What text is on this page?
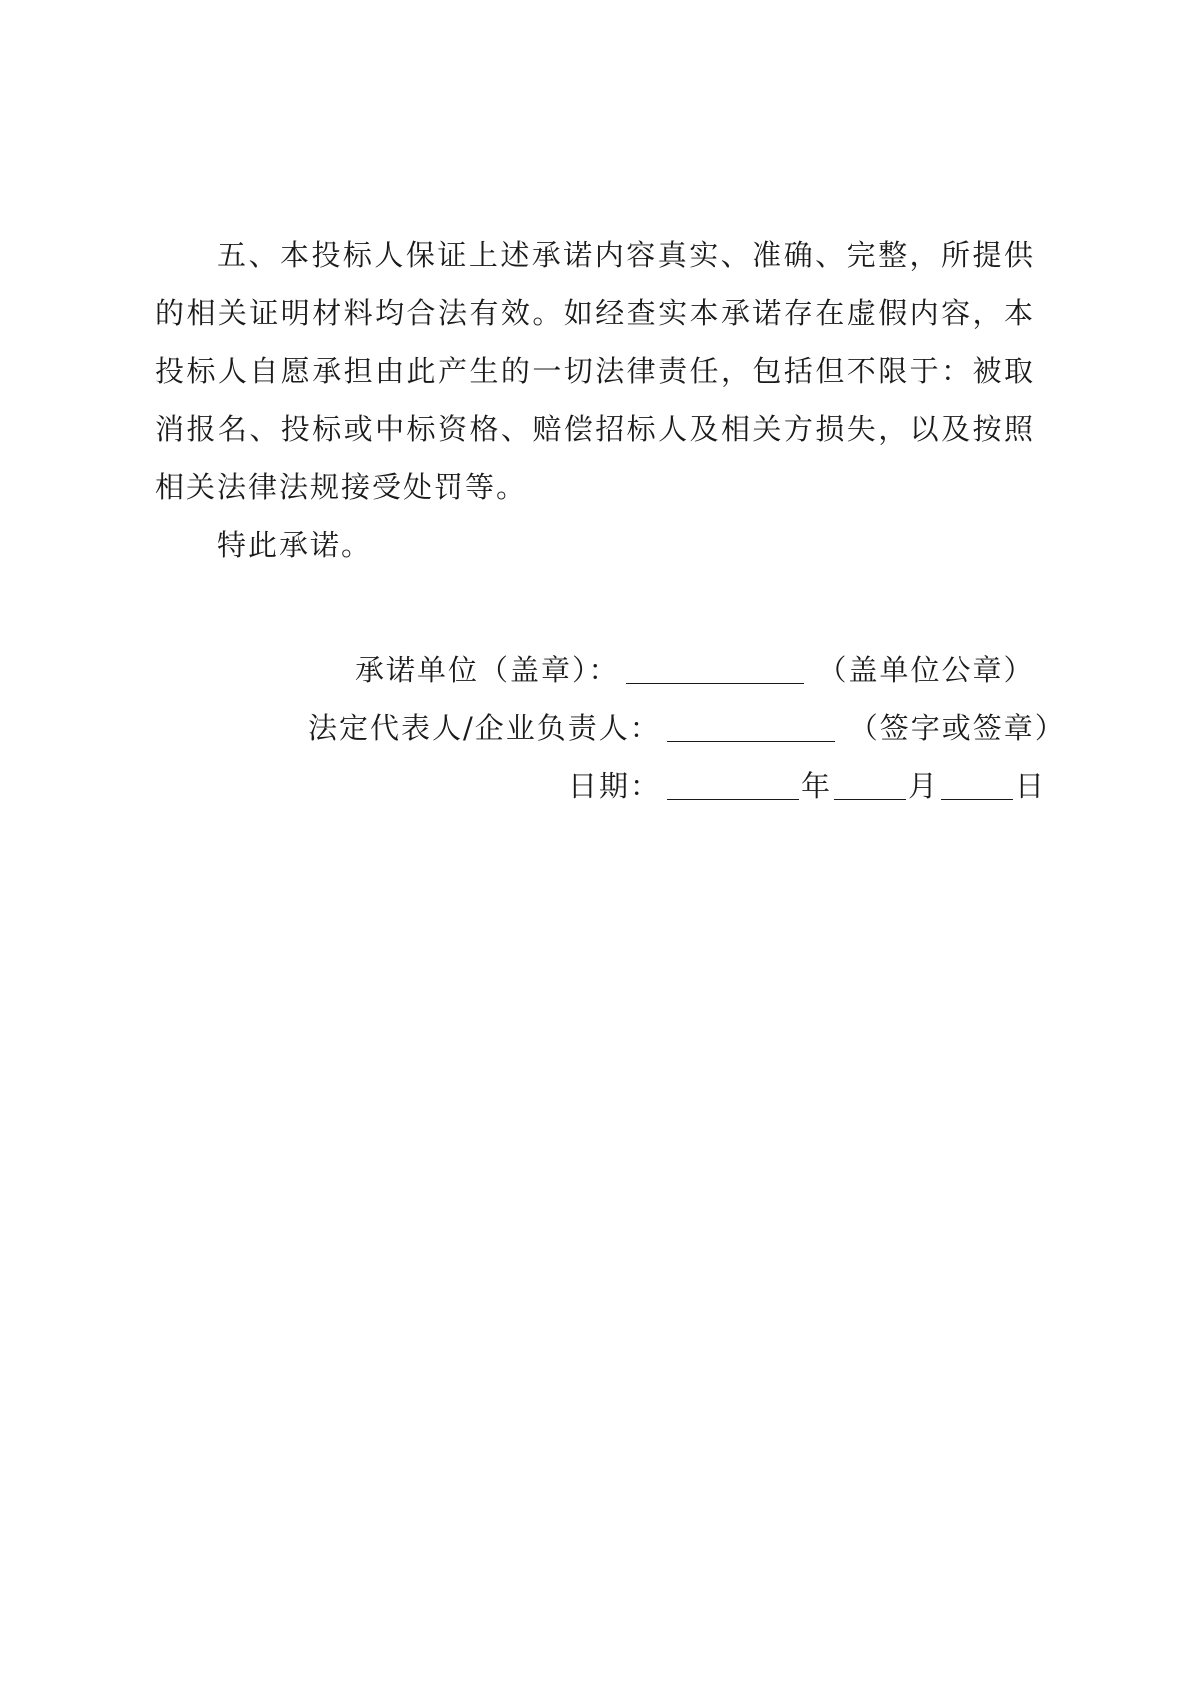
五、本投标人保证上述承诺内容真实、准确、完整，所提供的相关证明材料均合法有效。如经查实本承诺存在虚假内容，本投标人自愿承担由此产生的一切法律责任，包括但不限于：被取消报名、投标或中标资格、赔偿招标人及相关方损失，以及按照相关法律法规接受处罚等。

特此承诺。

承诺单位（盖章）：	（盖单位公章）
法定代表人/企业负责人：	（签字或签章）
日期：	年	月	日
